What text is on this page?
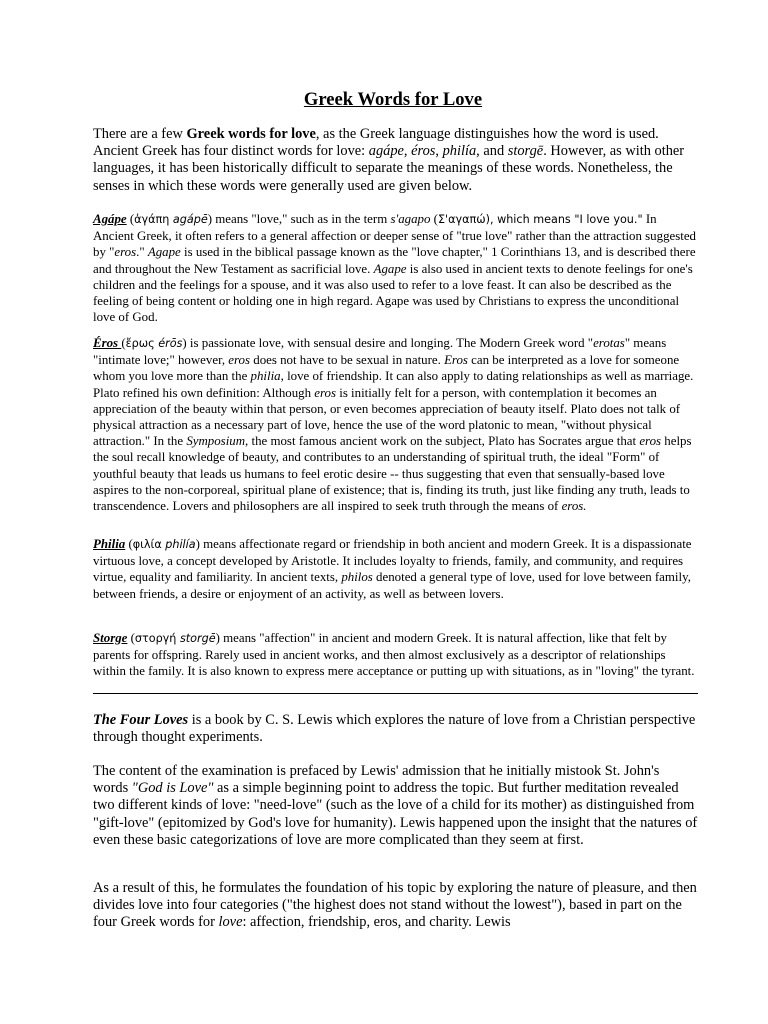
Greek Words for Love
There are a few Greek words for love, as the Greek language distinguishes how the word is used. Ancient Greek has four distinct words for love: agápe, éros, philía, and storgē. However, as with other languages, it has been historically difficult to separate the meanings of these words. Nonetheless, the senses in which these words were generally used are given below.
Agápe (ἀγάπη agápē) means "love," such as in the term s'agapo (Σ'αγαπώ), which means "I love you." In Ancient Greek, it often refers to a general affection or deeper sense of "true love" rather than the attraction suggested by "eros." Agape is used in the biblical passage known as the "love chapter," 1 Corinthians 13, and is described there and throughout the New Testament as sacrificial love. Agape is also used in ancient texts to denote feelings for one's children and the feelings for a spouse, and it was also used to refer to a love feast. It can also be described as the feeling of being content or holding one in high regard. Agape was used by Christians to express the unconditional love of God.
Éros (ἔρως érōs) is passionate love, with sensual desire and longing. The Modern Greek word "erotas" means "intimate love;" however, eros does not have to be sexual in nature. Eros can be interpreted as a love for someone whom you love more than the philia, love of friendship. It can also apply to dating relationships as well as marriage. Plato refined his own definition: Although eros is initially felt for a person, with contemplation it becomes an appreciation of the beauty within that person, or even becomes appreciation of beauty itself. Plato does not talk of physical attraction as a necessary part of love, hence the use of the word platonic to mean, "without physical attraction." In the Symposium, the most famous ancient work on the subject, Plato has Socrates argue that eros helps the soul recall knowledge of beauty, and contributes to an understanding of spiritual truth, the ideal "Form" of youthful beauty that leads us humans to feel erotic desire -- thus suggesting that even that sensually-based love aspires to the non-corporeal, spiritual plane of existence; that is, finding its truth, just like finding any truth, leads to transcendence. Lovers and philosophers are all inspired to seek truth through the means of eros.
Philia (φιλία philía) means affectionate regard or friendship in both ancient and modern Greek. It is a dispassionate virtuous love, a concept developed by Aristotle. It includes loyalty to friends, family, and community, and requires virtue, equality and familiarity. In ancient texts, philos denoted a general type of love, used for love between family, between friends, a desire or enjoyment of an activity, as well as between lovers.
Storge (στοργή storgē) means "affection" in ancient and modern Greek. It is natural affection, like that felt by parents for offspring. Rarely used in ancient works, and then almost exclusively as a descriptor of relationships within the family. It is also known to express mere acceptance or putting up with situations, as in "loving" the tyrant.
The Four Loves is a book by C. S. Lewis which explores the nature of love from a Christian perspective through thought experiments.
The content of the examination is prefaced by Lewis' admission that he initially mistook St. John's words "God is Love" as a simple beginning point to address the topic. But further meditation revealed two different kinds of love: "need-love" (such as the love of a child for its mother) as distinguished from "gift-love" (epitomized by God's love for humanity). Lewis happened upon the insight that the natures of even these basic categorizations of love are more complicated than they seem at first.
As a result of this, he formulates the foundation of his topic by exploring the nature of pleasure, and then divides love into four categories ("the highest does not stand without the lowest"), based in part on the four Greek words for love: affection, friendship, eros, and charity. Lewis
